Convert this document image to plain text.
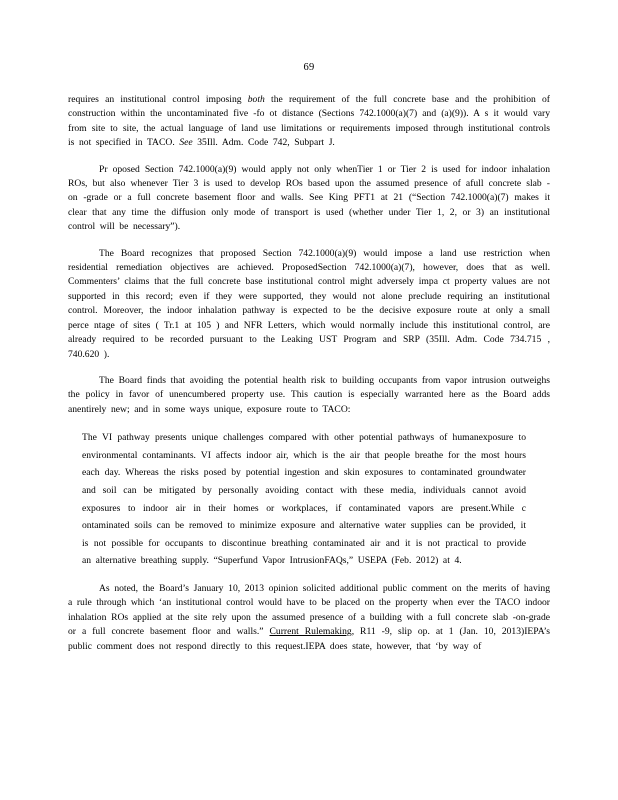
69

requires an institutional control imposing both the requirement of the full concrete base and the prohibition of construction within the uncontaminated five -fo ot distance (Sections 742.1000(a)(7) and (a)(9)). A s it would vary from site to site, the actual language of land use limitations or requirements imposed through institutional controls is not specified in TACO. See 35Ill. Adm. Code 742, Subpart J.

Pr oposed Section 742.1000(a)(9) would apply not only whenTier 1 or Tier 2 is used for indoor inhalation ROs, but also whenever Tier 3 is used to develop ROs based upon the assumed presence of afull concrete slab - on -grade or a full concrete basement floor and walls. See King PFT1 at 21 (“Section 742.1000(a)(7) makes it clear that any time the diffusion only mode of transport is used (whether under Tier 1, 2, or 3) an institutional control will be necessary”).

The Board recognizes that proposed Section 742.1000(a)(9) would impose a land use restriction when residential remediation objectives are achieved. ProposedSection 742.1000(a)(7), however, does that as well. Commenters’ claims that the full concrete base institutional control might adversely impa ct property values are not supported in this record; even if they were supported, they would not alone preclude requiring an institutional control. Moreover, the indoor inhalation pathway is expected to be the decisive exposure route at only a small perce ntage of sites ( Tr.1 at 105 ) and NFR Letters, which would normally include this institutional control, are already required to be recorded pursuant to the Leaking UST Program and SRP (35Ill. Adm. Code 734.715 , 740.620 ).

The Board finds that avoiding the potential health risk to building occupants from vapor intrusion outweighs the policy in favor of unencumbered property use. This caution is especially warranted here as the Board adds anentirely new; and in some ways unique, exposure route to TACO:

The VI pathway presents unique challenges compared with other potential pathways of humanexposure to environmental contaminants. VI affects indoor air, which is the air that people breathe for the most hours each day. Whereas the risks posed by potential ingestion and skin exposures to contaminated groundwater and soil can be mitigated by personally avoiding contact with these media, individuals cannot avoid exposures to indoor air in their homes or workplaces, if contaminated vapors are present.While c ontaminated soils can be removed to minimize exposure and alternative water supplies can be provided, it is not possible for occupants to discontinue breathing contaminated air and it is not practical to provide an alternative breathing supply. “Superfund Vapor IntrusionFAQs,” USEPA (Feb. 2012) at 4.

As noted, the Board’s January 10, 2013 opinion solicited additional public comment on the merits of having a rule through which ‘an institutional control would have to be placed on the property when ever the TACO indoor inhalation ROs applied at the site rely upon the assumed presence of a building with a full concrete slab -on-grade or a full concrete basement floor and walls.” Current Rulemaking, R11 -9, slip op. at 1 (Jan. 10, 2013)IEPA’s public comment does not respond directly to this request.IEPA does state, however, that ‘by way of
